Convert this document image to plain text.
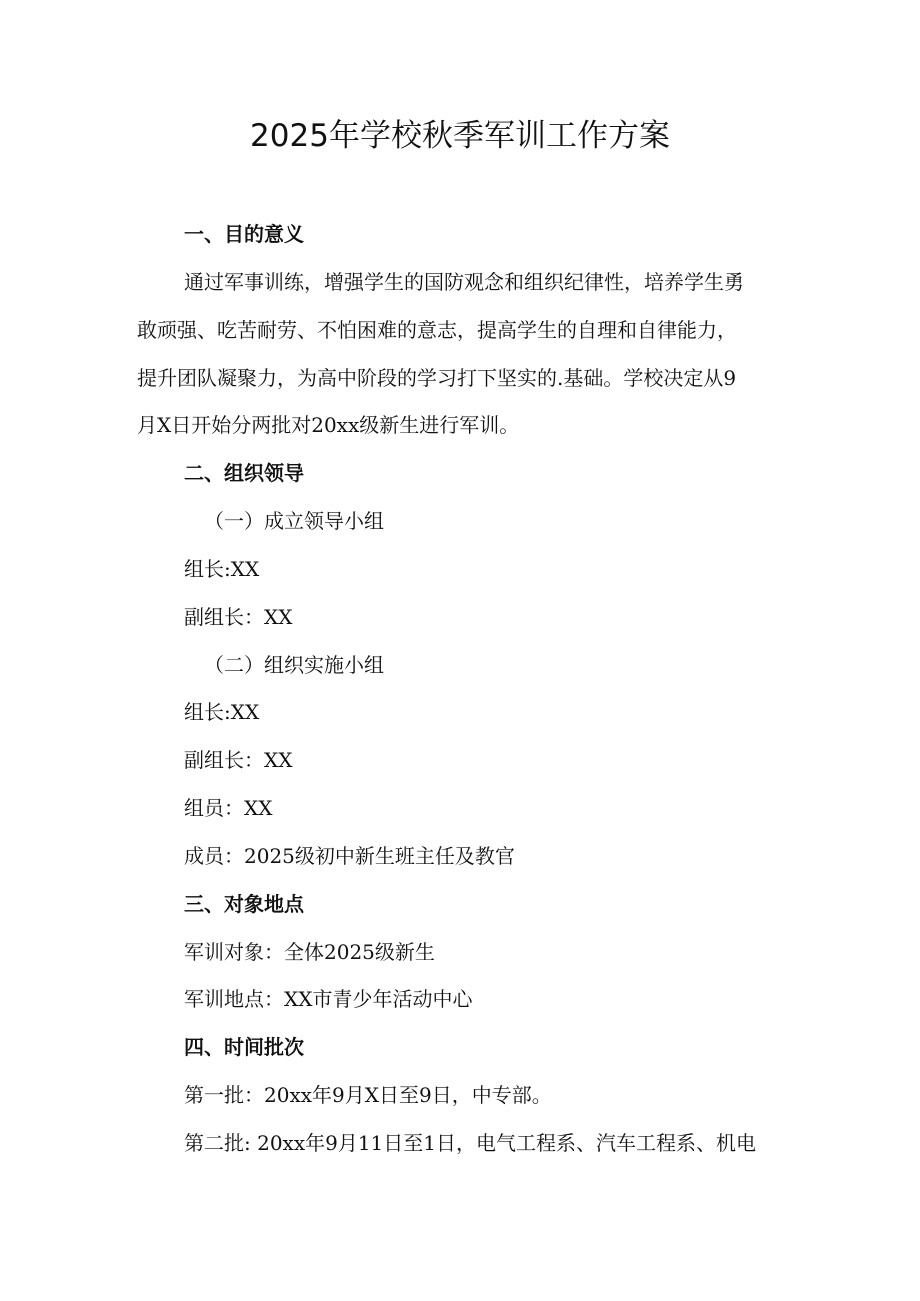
2025年学校秋季军训工作方案
一、目的意义
通过军事训练，增强学生的国防观念和组织纪律性，培养学生勇
敢顽强、吃苦耐劳、不怕困难的意志，提高学生的自理和自律能力，
提升团队凝聚力，为高中阶段的学习打下坚实的.基础。学校决定从9
月X日开始分两批对20xx级新生进行军训。
二、组织领导
（一）成立领导小组
组长:XX
副组长：XX
（二）组织实施小组
组长:XX
副组长：XX
组员：XX
成员：2025级初中新生班主任及教官
三、对象地点
军训对象：全体2025级新生
军训地点：XX市青少年活动中心
四、时间批次
第一批：20xx年9月X日至9日，中专部。
第二批: 20xx年9月11日至1日，电气工程系、汽车工程系、机电
